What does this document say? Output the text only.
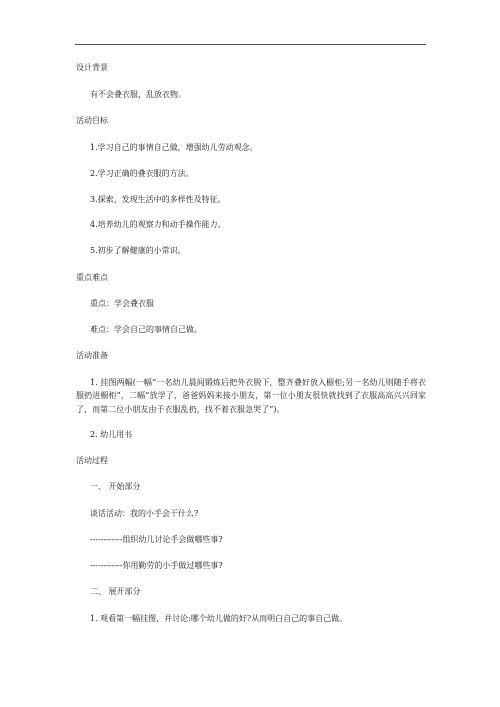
设计背景
有不会叠衣服，乱放衣物。
活动目标
1.学习自己的事情自己做，增强幼儿劳动观念。
2.学习正确的叠衣服的方法。
3.探索、发现生活中的多样性及特征。
4.培养幼儿的观察力和动手操作能力。
5.初步了解健康的小常识。
重点难点
重点：学会叠衣服
难点：学会自己的事情自己做。
活动准备
1. 挂图两幅(一幅“一名幼儿晨间锻炼后把外衣脱下，整齐叠好放入橱柜;另一名幼儿则随手将衣服扔进橱柜”，二幅“放学了，爸爸妈妈来接小朋友，第一位小朋友很快就找到了衣服高高兴兴回家了，而第二位小朋友由于衣服乱扔，找不着衣服急哭了”)。
2. 幼儿用书
活动过程
一、 开始部分
谈话活动：我的小手会干什么?
------------组织幼儿讨论手会做哪些事?
------------你用勤劳的小手做过哪些事?
二、 展开部分
1. 观看第一幅挂图，并讨论:哪个幼儿做的好?从而明白自己的事自己做。
